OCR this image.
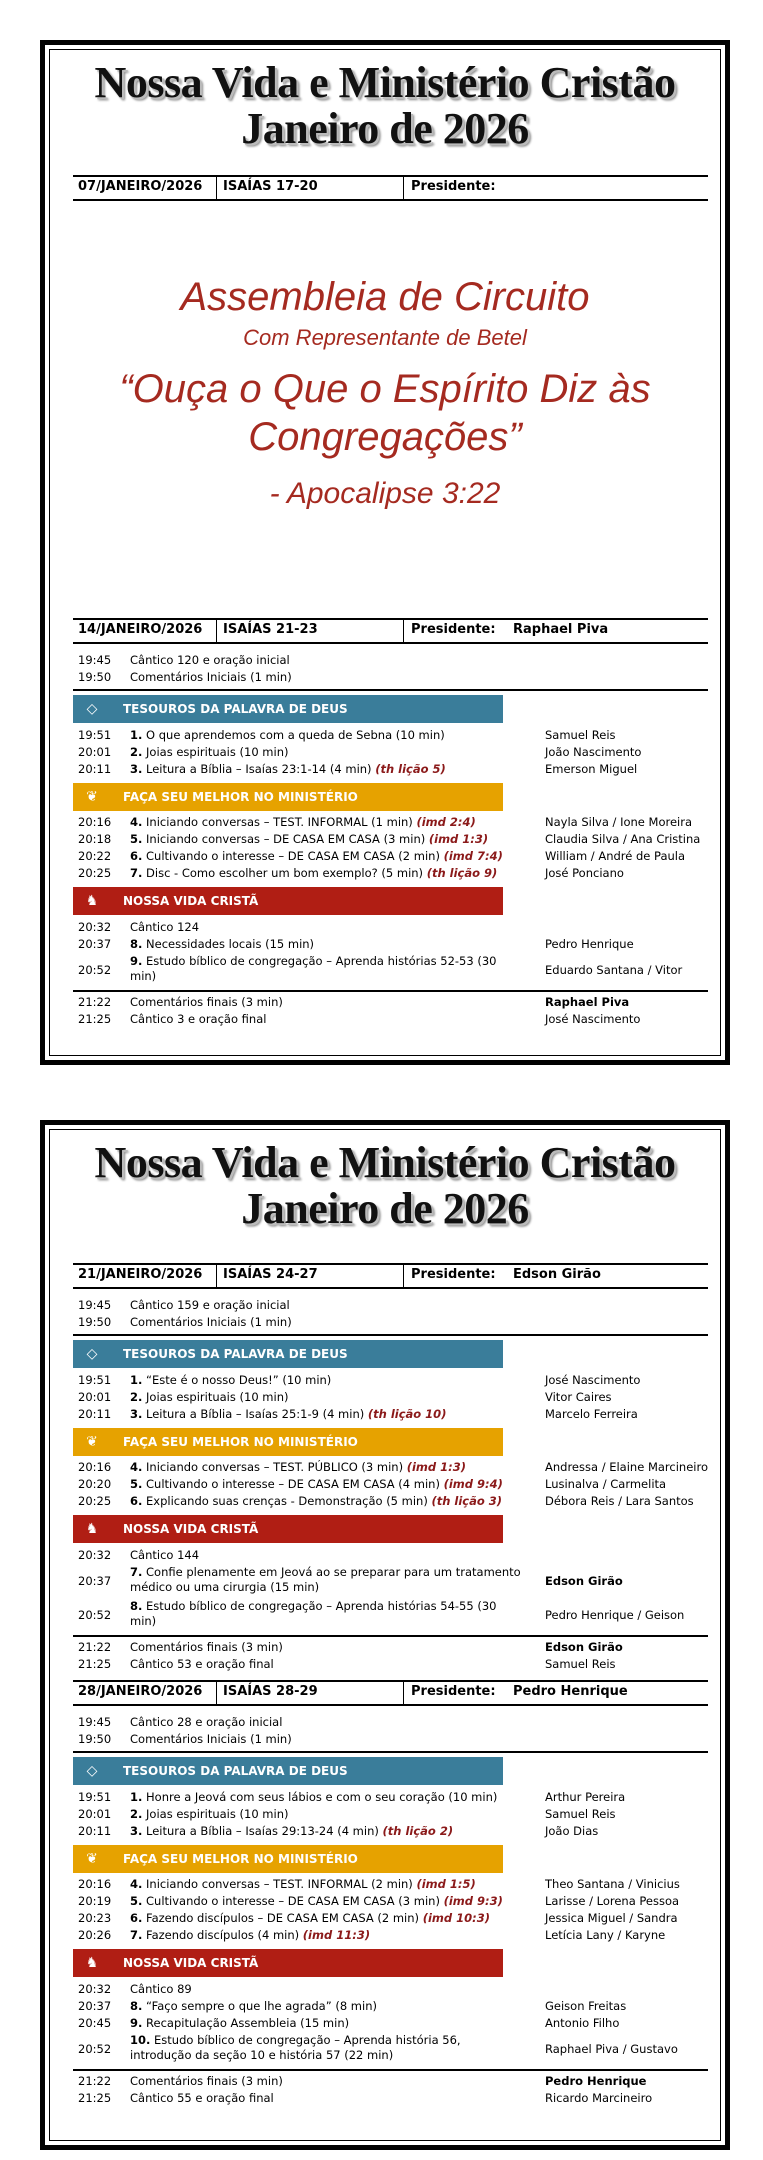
Nossa Vida e Ministério Cristão
Janeiro de 2026
07/JANEIRO/2026 ISAÍAS 17-20	Presidente:
Assembleia de Circuito
Com Representante de Betel
“Ouça o Que o Espírito Diz às
Congregações”
- Apocalipse 3:22
14/JANEIRO/2026 ISAÍAS 21-23	Presidente: Raphael Piva
19:45 Cântico 120 e oração inicial
19:50 Comentários Iniciais (1 min)
◇	TESOUROS DA PALAVRA DE DEUS
19:51 1. O que aprendemos com a queda de Sebna (10 min)	Samuel Reis
20:01 2. Joias espirituais (10 min)	João Nascimento
20:11 3. Leitura a Bíblia – Isaías 23:1-14 (4 min) (th lição 5)	Emerson Miguel
❦	FAÇA SEU MELHOR NO MINISTÉRIO
20:16 4. Iniciando conversas – TEST. INFORMAL (1 min) (imd 2:4)	Nayla Silva / Ione Moreira
20:18 5. Iniciando conversas – DE CASA EM CASA (3 min) (imd 1:3)	Claudia Silva / Ana Cristina
20:22 6. Cultivando o interesse – DE CASA EM CASA (2 min) (imd 7:4)	William / André de Paula
20:25 7. Disc - Como escolher um bom exemplo? (5 min) (th lição 9)	José Ponciano
♞	NOSSA VIDA CRISTÃ
20:32 Cântico 124
20:37 8. Necessidades locais (15 min)	Pedro Henrique
20:52
9. Estudo bíblico de congregação – Aprenda histórias 52-53 (30 min)	Eduardo Santana / Vitor
21:22 Comentários finais (3 min)	Raphael Piva
21:25 Cântico 3 e oração final	José Nascimento
Nossa Vida e Ministério Cristão
Janeiro de 2026
21/JANEIRO/2026 ISAÍAS 24-27	Presidente: Edson Girão
19:45 Cântico 159 e oração inicial
19:50 Comentários Iniciais (1 min)
◇	TESOUROS DA PALAVRA DE DEUS
19:51 1. “Este é o nosso Deus!” (10 min)	José Nascimento
20:01 2. Joias espirituais (10 min)	Vitor Caires
20:11 3. Leitura a Bíblia – Isaías 25:1-9 (4 min) (th lição 10)	Marcelo Ferreira
❦	FAÇA SEU MELHOR NO MINISTÉRIO
20:16 4. Iniciando conversas – TEST. PÚBLICO (3 min) (imd 1:3)	Andressa / Elaine Marcineiro
20:20 5. Cultivando o interesse – DE CASA EM CASA (4 min) (imd 9:4)	Lusinalva / Carmelita
20:25 6. Explicando suas crenças - Demonstração (5 min) (th lição 3)	Débora Reis / Lara Santos
♞	NOSSA VIDA CRISTÃ
20:32 Cântico 144
20:37
7. Confie plenamente em Jeová ao se preparar para um tratamento médico ou uma cirurgia (15 min)	Edson Girão
20:52
8. Estudo bíblico de congregação – Aprenda histórias 54-55 (30 min)	Pedro Henrique / Geison
21:22 Comentários finais (3 min)	Edson Girão
21:25 Cântico 53 e oração final	Samuel Reis
28/JANEIRO/2026 ISAÍAS 28-29	Presidente: Pedro Henrique
19:45 Cântico 28 e oração inicial
19:50 Comentários Iniciais (1 min)
◇	TESOUROS DA PALAVRA DE DEUS
19:51 1. Honre a Jeová com seus lábios e com o seu coração (10 min)	Arthur Pereira
20:01 2. Joias espirituais (10 min)	Samuel Reis
20:11 3. Leitura a Bíblia – Isaías 29:13-24 (4 min) (th lição 2)	João Dias
❦	FAÇA SEU MELHOR NO MINISTÉRIO
20:16 4. Iniciando conversas – TEST. INFORMAL (2 min) (imd 1:5)	Theo Santana / Vinicius
20:19 5. Cultivando o interesse – DE CASA EM CASA (3 min) (imd 9:3)	Larisse / Lorena Pessoa
20:23 6. Fazendo discípulos – DE CASA EM CASA (2 min) (imd 10:3)	Jessica Miguel / Sandra
20:26 7. Fazendo discípulos (4 min) (imd 11:3)	Letícia Lany / Karyne
♞	NOSSA VIDA CRISTÃ
20:32 Cântico 89
20:37 8. “Faço sempre o que lhe agrada” (8 min)	Geison Freitas
20:45 9. Recapitulação Assembleia (15 min)	Antonio Filho
20:52
10. Estudo bíblico de congregação – Aprenda história 56, introdução da seção 10 e história 57 (22 min)	Raphael Piva / Gustavo
21:22 Comentários finais (3 min)	Pedro Henrique
21:25 Cântico 55 e oração final	Ricardo Marcineiro
